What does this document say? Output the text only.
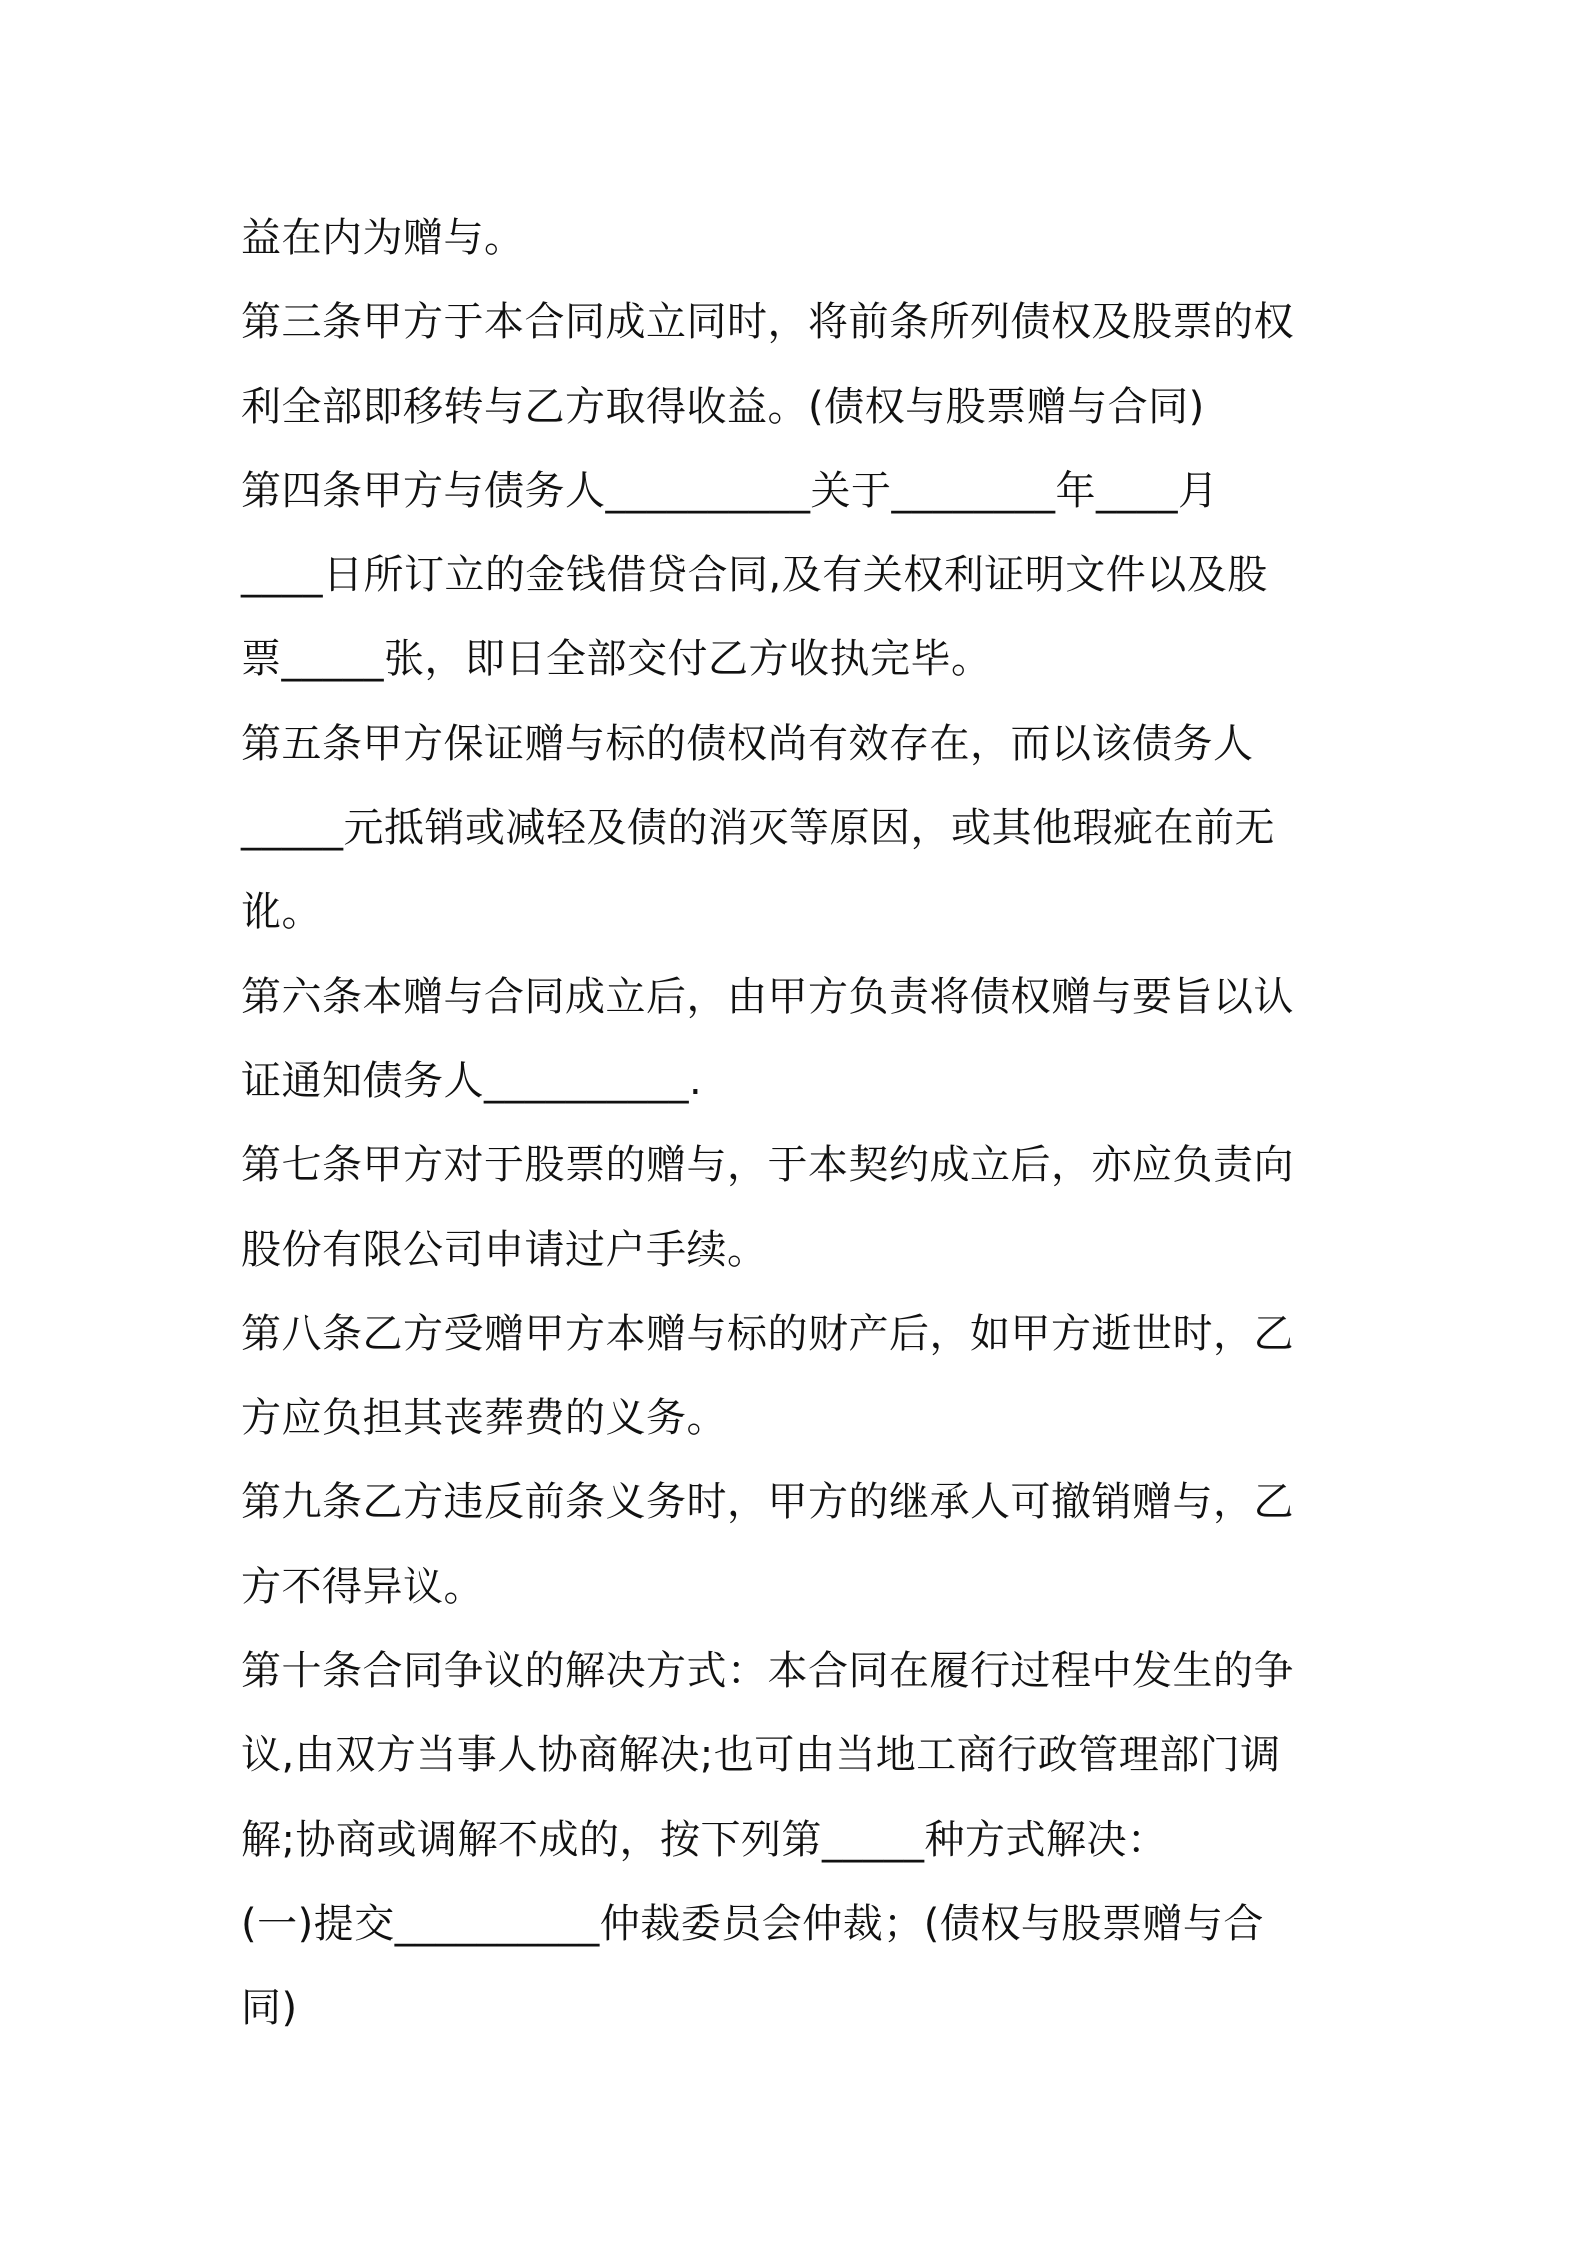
益在内为赠与。
第三条甲方于本合同成立同时，将前条所列债权及股票的权
利全部即移转与乙方取得收益。(债权与股票赠与合同)
第四条甲方与债务人__________关于________年____月
____日所订立的金钱借贷合同,及有关权利证明文件以及股
票_____张，即日全部交付乙方收执完毕。
第五条甲方保证赠与标的债权尚有效存在，而以该债务人
_____元抵销或减轻及债的消灭等原因，或其他瑕疵在前无
讹。
第六条本赠与合同成立后，由甲方负责将债权赠与要旨以认
证通知债务人__________.
第七条甲方对于股票的赠与，于本契约成立后，亦应负责向
股份有限公司申请过户手续。
第八条乙方受赠甲方本赠与标的财产后，如甲方逝世时，乙
方应负担其丧葬费的义务。
第九条乙方违反前条义务时，甲方的继承人可撤销赠与，乙
方不得异议。
第十条合同争议的解决方式：本合同在履行过程中发生的争
议,由双方当事人协商解决;也可由当地工商行政管理部门调
解;协商或调解不成的，按下列第_____种方式解决：
(一)提交__________仲裁委员会仲裁；(债权与股票赠与合
同)
